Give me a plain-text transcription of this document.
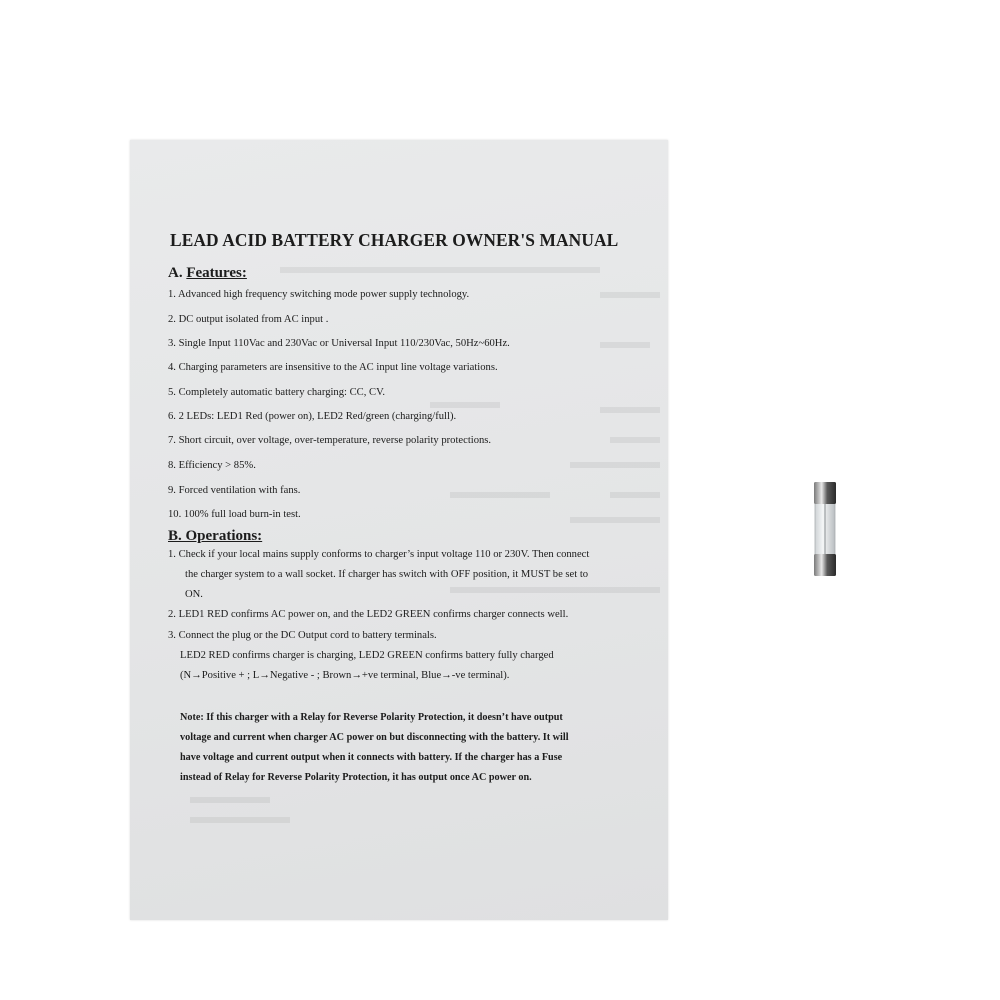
LEAD ACID BATTERY CHARGER OWNER'S MANUAL
A. Features:
1. Advanced high frequency switching mode power supply technology.
2. DC output isolated from AC input .
3. Single Input 110Vac and 230Vac or Universal Input 110/230Vac, 50Hz~60Hz.
4. Charging parameters are insensitive to the AC input line voltage variations.
5. Completely automatic battery charging: CC, CV.
6. 2 LEDs: LED1 Red (power on), LED2 Red/green (charging/full).
7. Short circuit, over voltage, over-temperature, reverse polarity protections.
8. Efficiency > 85%.
9. Forced ventilation with fans.
10. 100% full load burn-in test.
B. Operations:
1. Check if your local mains supply conforms to charger’s input voltage 110 or 230V. Then connect
the charger system to a wall socket. If charger has switch with OFF position, it MUST be set to
ON.
2. LED1 RED confirms AC power on, and the LED2 GREEN confirms charger connects well.
3. Connect the plug or the DC Output cord to battery terminals.
LED2 RED confirms charger is charging, LED2 GREEN confirms battery fully charged
(N→Positive + ; L→Negative - ; Brown→+ve terminal, Blue→-ve terminal).

Note: If this charger with a Relay for Reverse Polarity Protection, it doesn’t have output

voltage and current when charger AC power on but disconnecting with the battery. It will

have voltage and current output when it connects with battery. If the charger has a Fuse

instead of Relay for Reverse Polarity Protection, it has output once AC power on.
